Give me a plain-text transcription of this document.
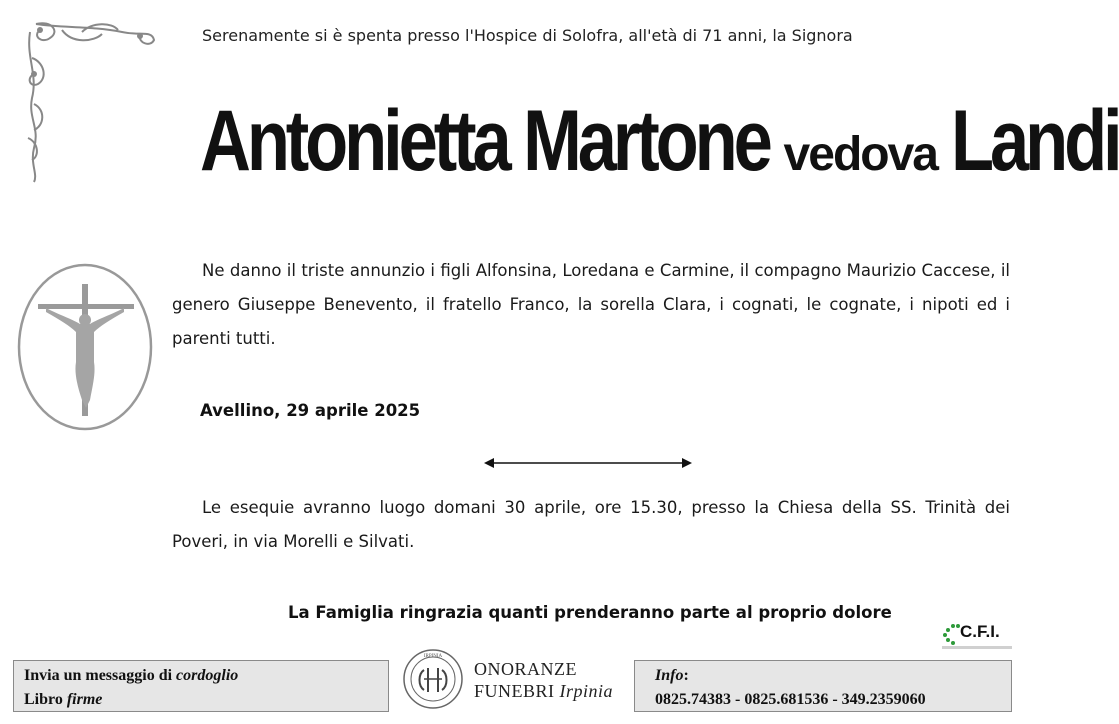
Serenamente si è spenta presso l'Hospice di Solofra, all'età di 71 anni, la Signora
Antonietta Martone vedova Landi
Ne danno il triste annunzio i figli Alfonsina, Loredana e Carmine, il compagno Maurizio Caccese, il genero Giuseppe Benevento, il fratello Franco, la sorella Clara, i cognati, le cognate, i nipoti ed i parenti tutti.
Avellino, 29 aprile 2025
Le esequie avranno luogo domani 30 aprile, ore 15.30, presso la Chiesa della SS. Trinità dei Poveri, in via Morelli e Silvati.
La Famiglia ringrazia quanti prenderanno parte al proprio dolore
C.F.I.
Invia un messaggio di cordoglio
Libro firme
IRPINIA
ONORANZE
FUNEBRI Irpinia
Info:
0825.74383 - 0825.681536 - 349.2359060
